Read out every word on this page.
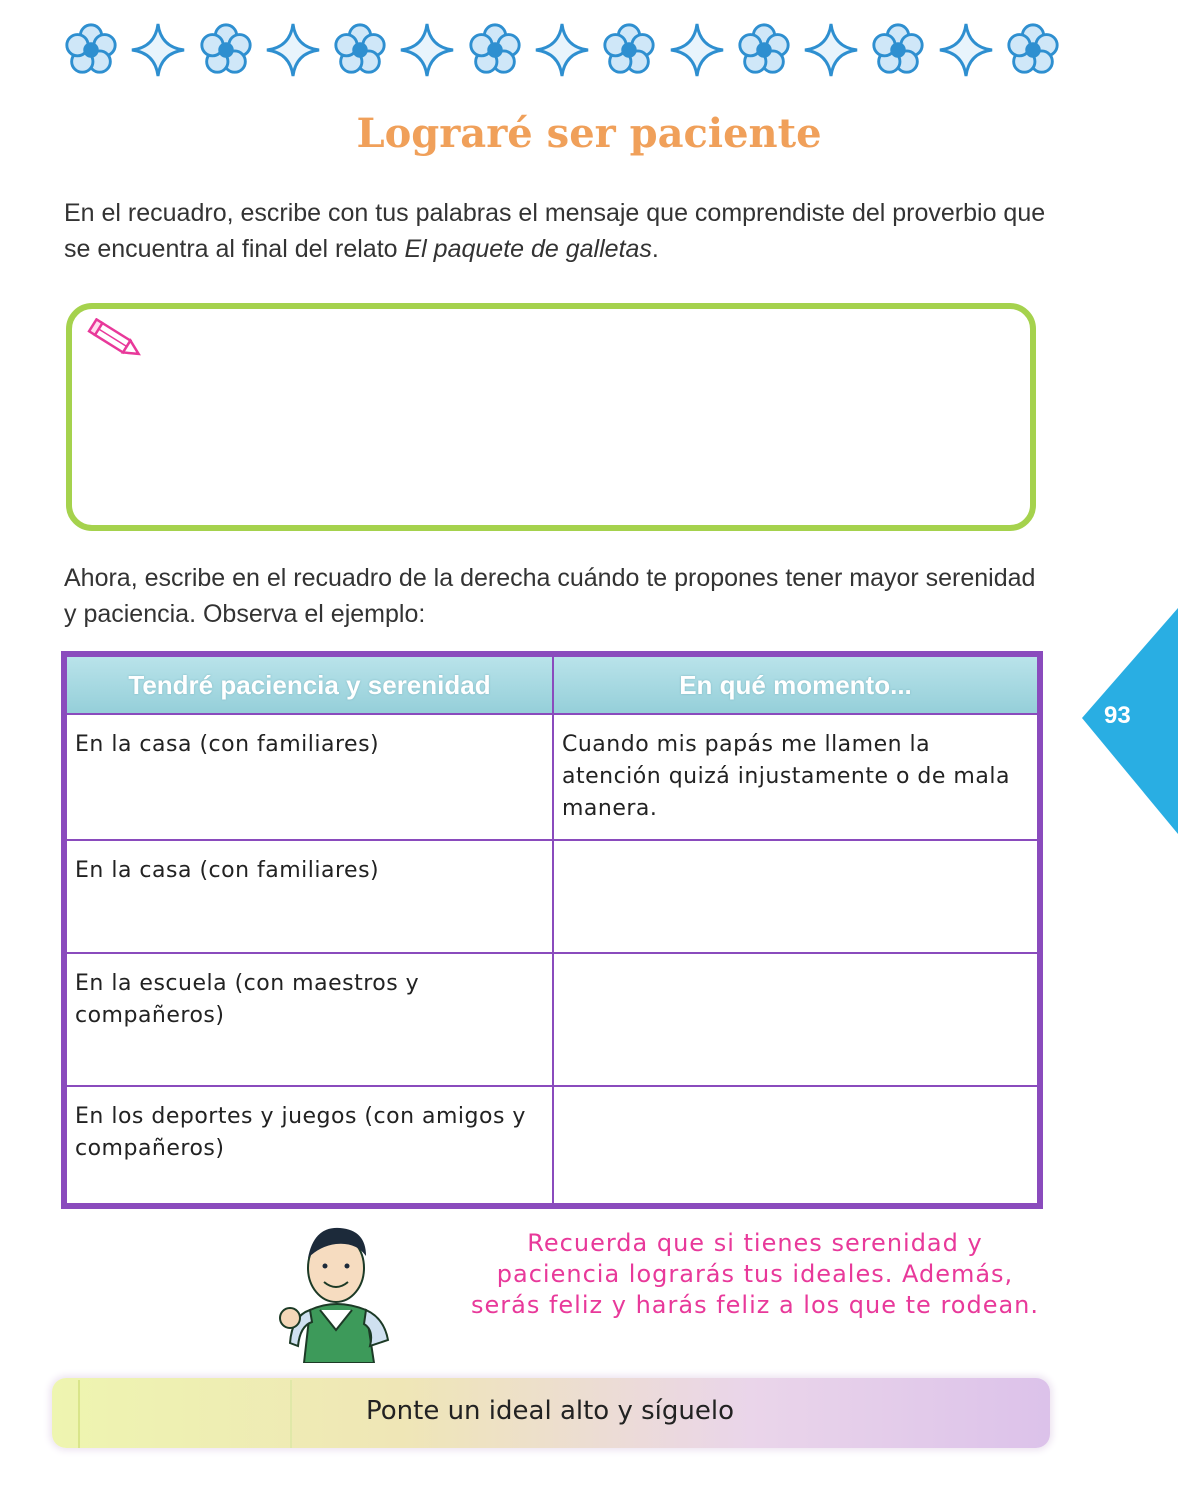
Lograré ser paciente
En el recuadro, escribe con tus palabras el mensaje que comprendiste del proverbio que se encuentra al final del relato El paquete de galletas.
Ahora, escribe en el recuadro de la derecha cuándo te propones tener mayor serenidad y paciencia. Observa el ejemplo:
Tendré paciencia y serenidad	En qué momento...
En la casa (con familiares)	Cuando mis papás me llamen la atención quizá injustamente o de mala manera.
En la casa (con familiares)	
En la escuela (con maestros y compañeros)	
En los deportes y juegos (con amigos y compañeros)	
93
Recuerda que si tienes serenidad y paciencia lograrás tus ideales. Además, serás feliz y harás feliz a los que te rodean.
Ponte un ideal alto y síguelo
